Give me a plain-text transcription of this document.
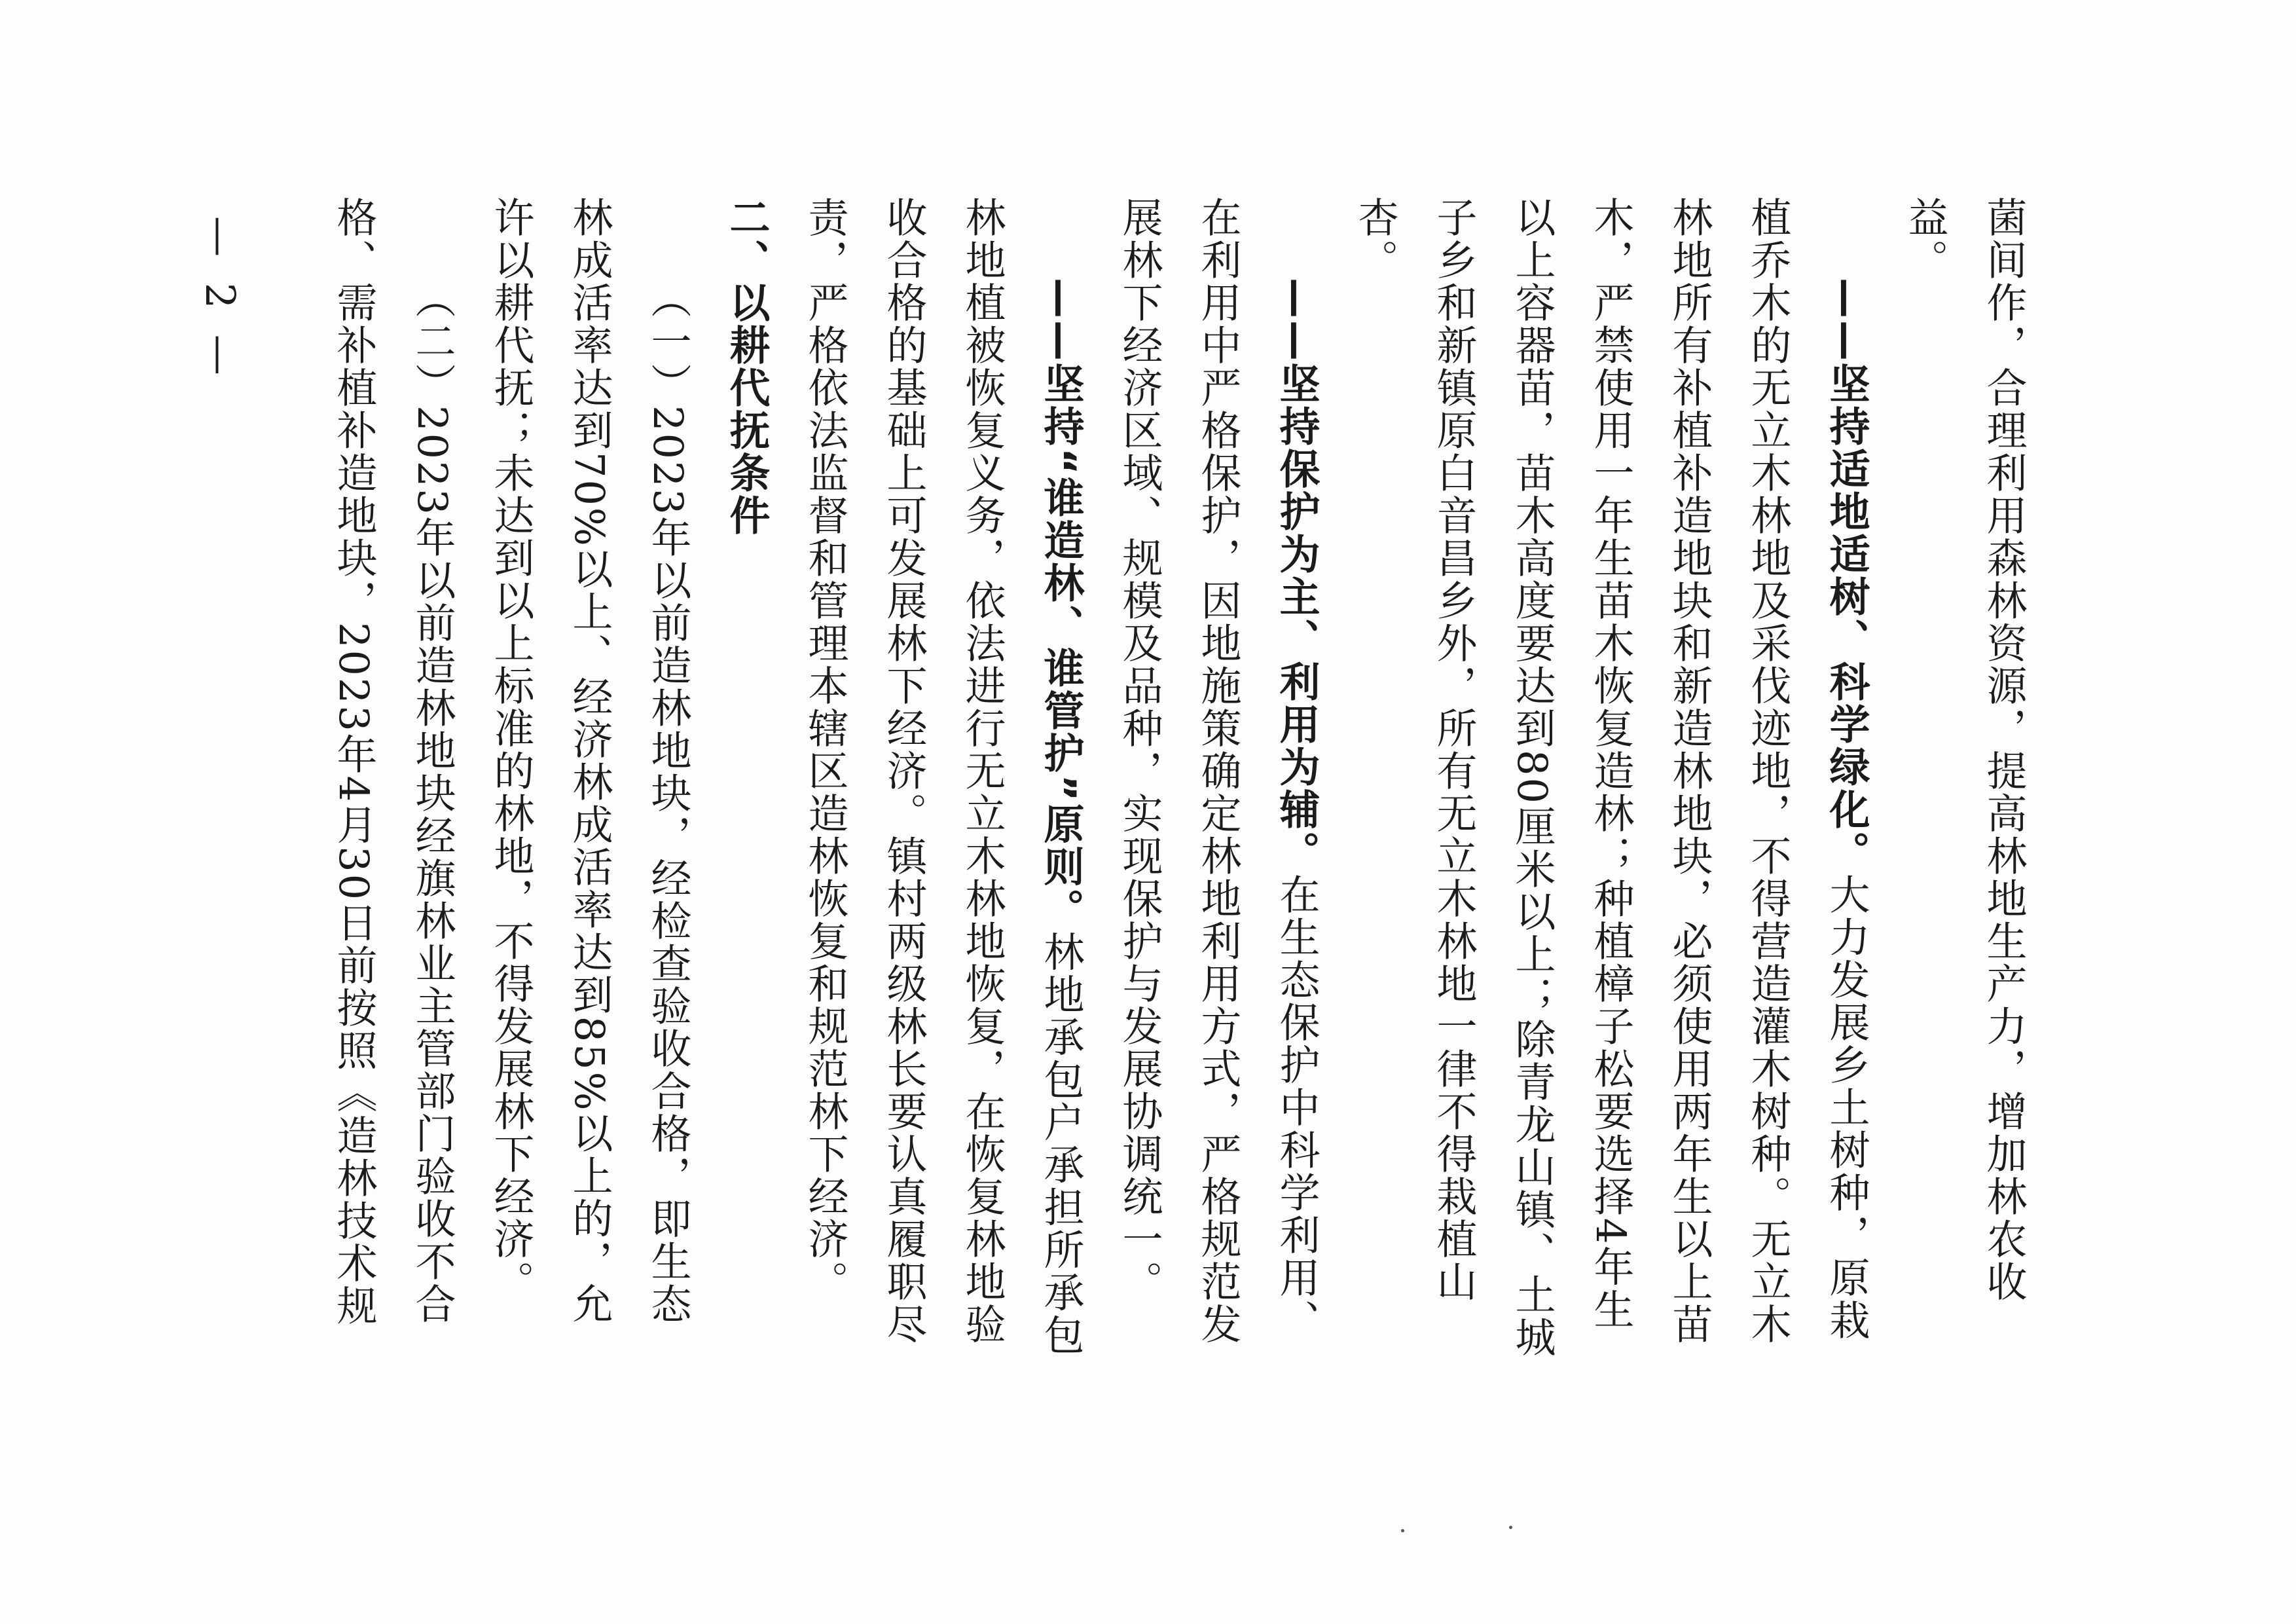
— 2 —	菌间作，合理利用森林资源，提高林地生产力，增加林农收益。

——坚持适地适树、科学绿化。大力发展乡土树种，原栽植乔木的无立木林地及采伐迹地，不得营造灌木树种。无立木林地所有补植补造地块和新造林地块，必须使用两年生以上苗木，严禁使用一年生苗木恢复造林；种植樟子松要选择4年生以上容器苗，苗木高度要达到80厘米以上；除青龙山镇、土城子乡和新镇原白音昌乡外，所有无立木林地一律不得栽植山杏。

——坚持保护为主、利用为辅。在生态保护中科学利用、在利用中严格保护，因地施策确定林地利用方式，严格规范发展林下经济区域、规模及品种，实现保护与发展协调统一。

——坚持“谁造林、谁管护”原则。林地承包户承担所承包林地植被恢复义务，依法进行无立木林地恢复，在恢复林地验收合格的基础上可发展林下经济。镇村两级林长要认真履职尽责，严格依法监督和管理本辖区造林恢复和规范林下经济。

二、以耕代抚条件

（一）2023年以前造林地块，经检查验收合格，即生态林成活率达到70%以上、经济林成活率达到85%以上的，允许以耕代抚；未达到以上标准的林地，不得发展林下经济。

（二）2023年以前造林地块经旗林业主管部门验收不合格、需补植补造地块，2023年4月30日前按照《造林技术规
